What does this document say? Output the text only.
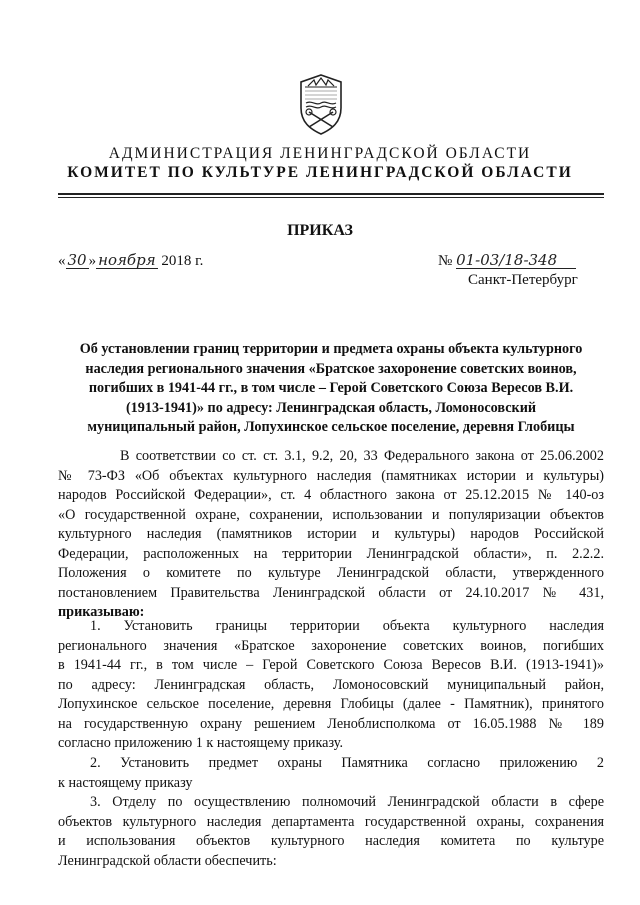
АДМИНИСТРАЦИЯ ЛЕНИНГРАДСКОЙ ОБЛАСТИ
КОМИТЕТ ПО КУЛЬТУРЕ ЛЕНИНГРАДСКОЙ ОБЛАСТИ
ПРИКАЗ
« 30 » ноября 2018 г.	№ 01-03/18-348
Санкт-Петербург
Об установлении границ территории и предмета охраны объекта культурного
наследия регионального значения «Братское захоронение советских воинов,
погибших в 1941-44 гг., в том числе – Герой Советского Союза Вересов В.И.
(1913-1941)» по адресу: Ленинградская область, Ломоносовский
муниципальный район, Лопухинское сельское поселение, деревня Глобицы
В соответствии со ст. ст. 3.1, 9.2, 20, 33 Федерального закона от 25.06.2002
№ 73-ФЗ «Об объектах культурного наследия (памятниках истории и культуры)
народов Российской Федерации», ст. 4 областного закона от 25.12.2015 № 140-оз
«О государственной охране, сохранении, использовании и популяризации объектов
культурного наследия (памятников истории и культуры) народов Российской
Федерации, расположенных на территории Ленинградской области», п. 2.2.2.
Положения о комитете по культуре Ленинградской области, утвержденного
постановлением Правительства Ленинградской области от 24.10.2017 № 431,
приказываю:
1. Установить границы территории объекта культурного наследия
регионального значения «Братское захоронение советских воинов, погибших
в 1941-44 гг., в том числе – Герой Советского Союза Вересов В.И. (1913-1941)»
по адресу: Ленинградская область, Ломоносовский муниципальный район,
Лопухинское сельское поселение, деревня Глобицы (далее - Памятник), принятого
на государственную охрану решением Леноблисполкома от 16.05.1988 № 189
согласно приложению 1 к настоящему приказу.
2. Установить предмет охраны Памятника согласно приложению 2
к настоящему приказу
3. Отделу по осуществлению полномочий Ленинградской области в сфере
объектов культурного наследия департамента государственной охраны, сохранения
и использования объектов культурного наследия комитета по культуре
Ленинградской области обеспечить:
